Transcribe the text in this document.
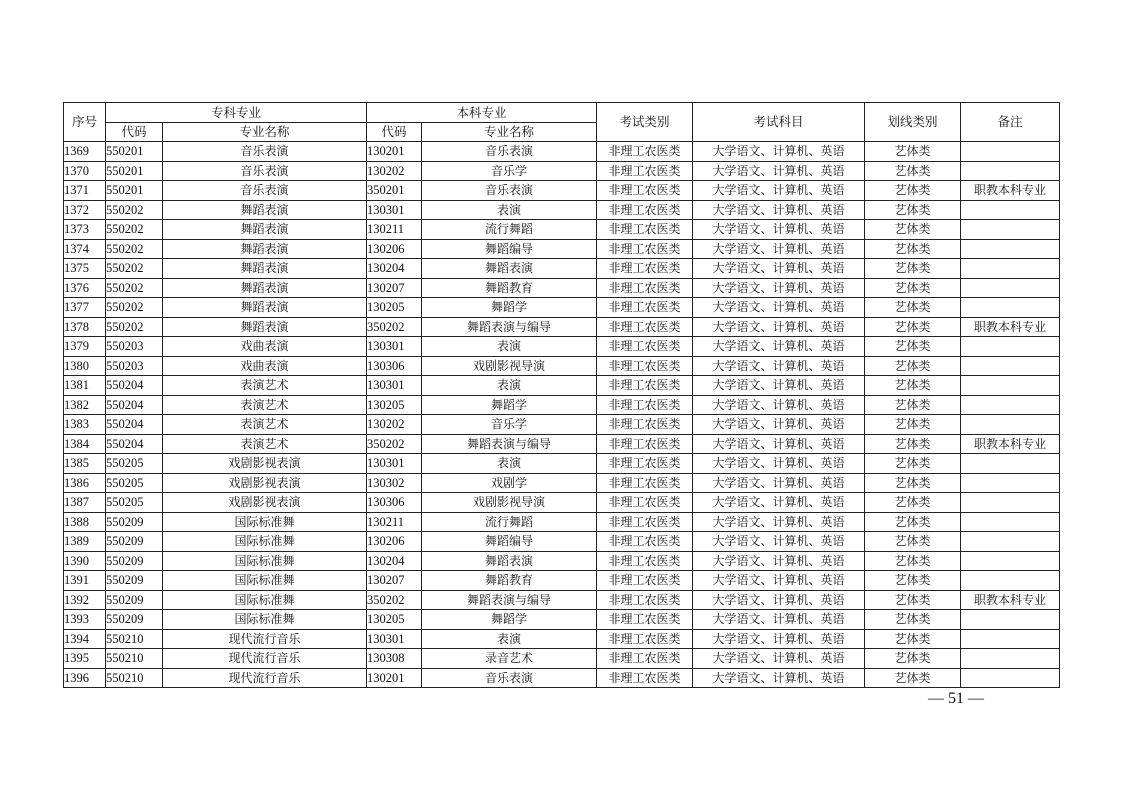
序号	专科专业		本科专业		考试类别	考试科目	划线类别	备注
	代码	专业名称	代码	专业名称				
1369	550201	音乐表演	130201	音乐表演	非理工农医类	大学语文、计算机、英语	艺体类	
1370	550201	音乐表演	130202	音乐学	非理工农医类	大学语文、计算机、英语	艺体类	
1371	550201	音乐表演	350201	音乐表演	非理工农医类	大学语文、计算机、英语	艺体类	职教本科专业
1372	550202	舞蹈表演	130301	表演	非理工农医类	大学语文、计算机、英语	艺体类	
1373	550202	舞蹈表演	130211	流行舞蹈	非理工农医类	大学语文、计算机、英语	艺体类	
1374	550202	舞蹈表演	130206	舞蹈编导	非理工农医类	大学语文、计算机、英语	艺体类	
1375	550202	舞蹈表演	130204	舞蹈表演	非理工农医类	大学语文、计算机、英语	艺体类	
1376	550202	舞蹈表演	130207	舞蹈教育	非理工农医类	大学语文、计算机、英语	艺体类	
1377	550202	舞蹈表演	130205	舞蹈学	非理工农医类	大学语文、计算机、英语	艺体类	
1378	550202	舞蹈表演	350202	舞蹈表演与编导	非理工农医类	大学语文、计算机、英语	艺体类	职教本科专业
1379	550203	戏曲表演	130301	表演	非理工农医类	大学语文、计算机、英语	艺体类	
1380	550203	戏曲表演	130306	戏剧影视导演	非理工农医类	大学语文、计算机、英语	艺体类	
1381	550204	表演艺术	130301	表演	非理工农医类	大学语文、计算机、英语	艺体类	
1382	550204	表演艺术	130205	舞蹈学	非理工农医类	大学语文、计算机、英语	艺体类	
1383	550204	表演艺术	130202	音乐学	非理工农医类	大学语文、计算机、英语	艺体类	
1384	550204	表演艺术	350202	舞蹈表演与编导	非理工农医类	大学语文、计算机、英语	艺体类	职教本科专业
1385	550205	戏剧影视表演	130301	表演	非理工农医类	大学语文、计算机、英语	艺体类	
1386	550205	戏剧影视表演	130302	戏剧学	非理工农医类	大学语文、计算机、英语	艺体类	
1387	550205	戏剧影视表演	130306	戏剧影视导演	非理工农医类	大学语文、计算机、英语	艺体类	
1388	550209	国际标准舞	130211	流行舞蹈	非理工农医类	大学语文、计算机、英语	艺体类	
1389	550209	国际标准舞	130206	舞蹈编导	非理工农医类	大学语文、计算机、英语	艺体类	
1390	550209	国际标准舞	130204	舞蹈表演	非理工农医类	大学语文、计算机、英语	艺体类	
1391	550209	国际标准舞	130207	舞蹈教育	非理工农医类	大学语文、计算机、英语	艺体类	
1392	550209	国际标准舞	350202	舞蹈表演与编导	非理工农医类	大学语文、计算机、英语	艺体类	职教本科专业
1393	550209	国际标准舞	130205	舞蹈学	非理工农医类	大学语文、计算机、英语	艺体类	
1394	550210	现代流行音乐	130301	表演	非理工农医类	大学语文、计算机、英语	艺体类	
1395	550210	现代流行音乐	130308	录音艺术	非理工农医类	大学语文、计算机、英语	艺体类	
1396	550210	现代流行音乐	130201	音乐表演	非理工农医类	大学语文、计算机、英语	艺体类	
— 51 —
